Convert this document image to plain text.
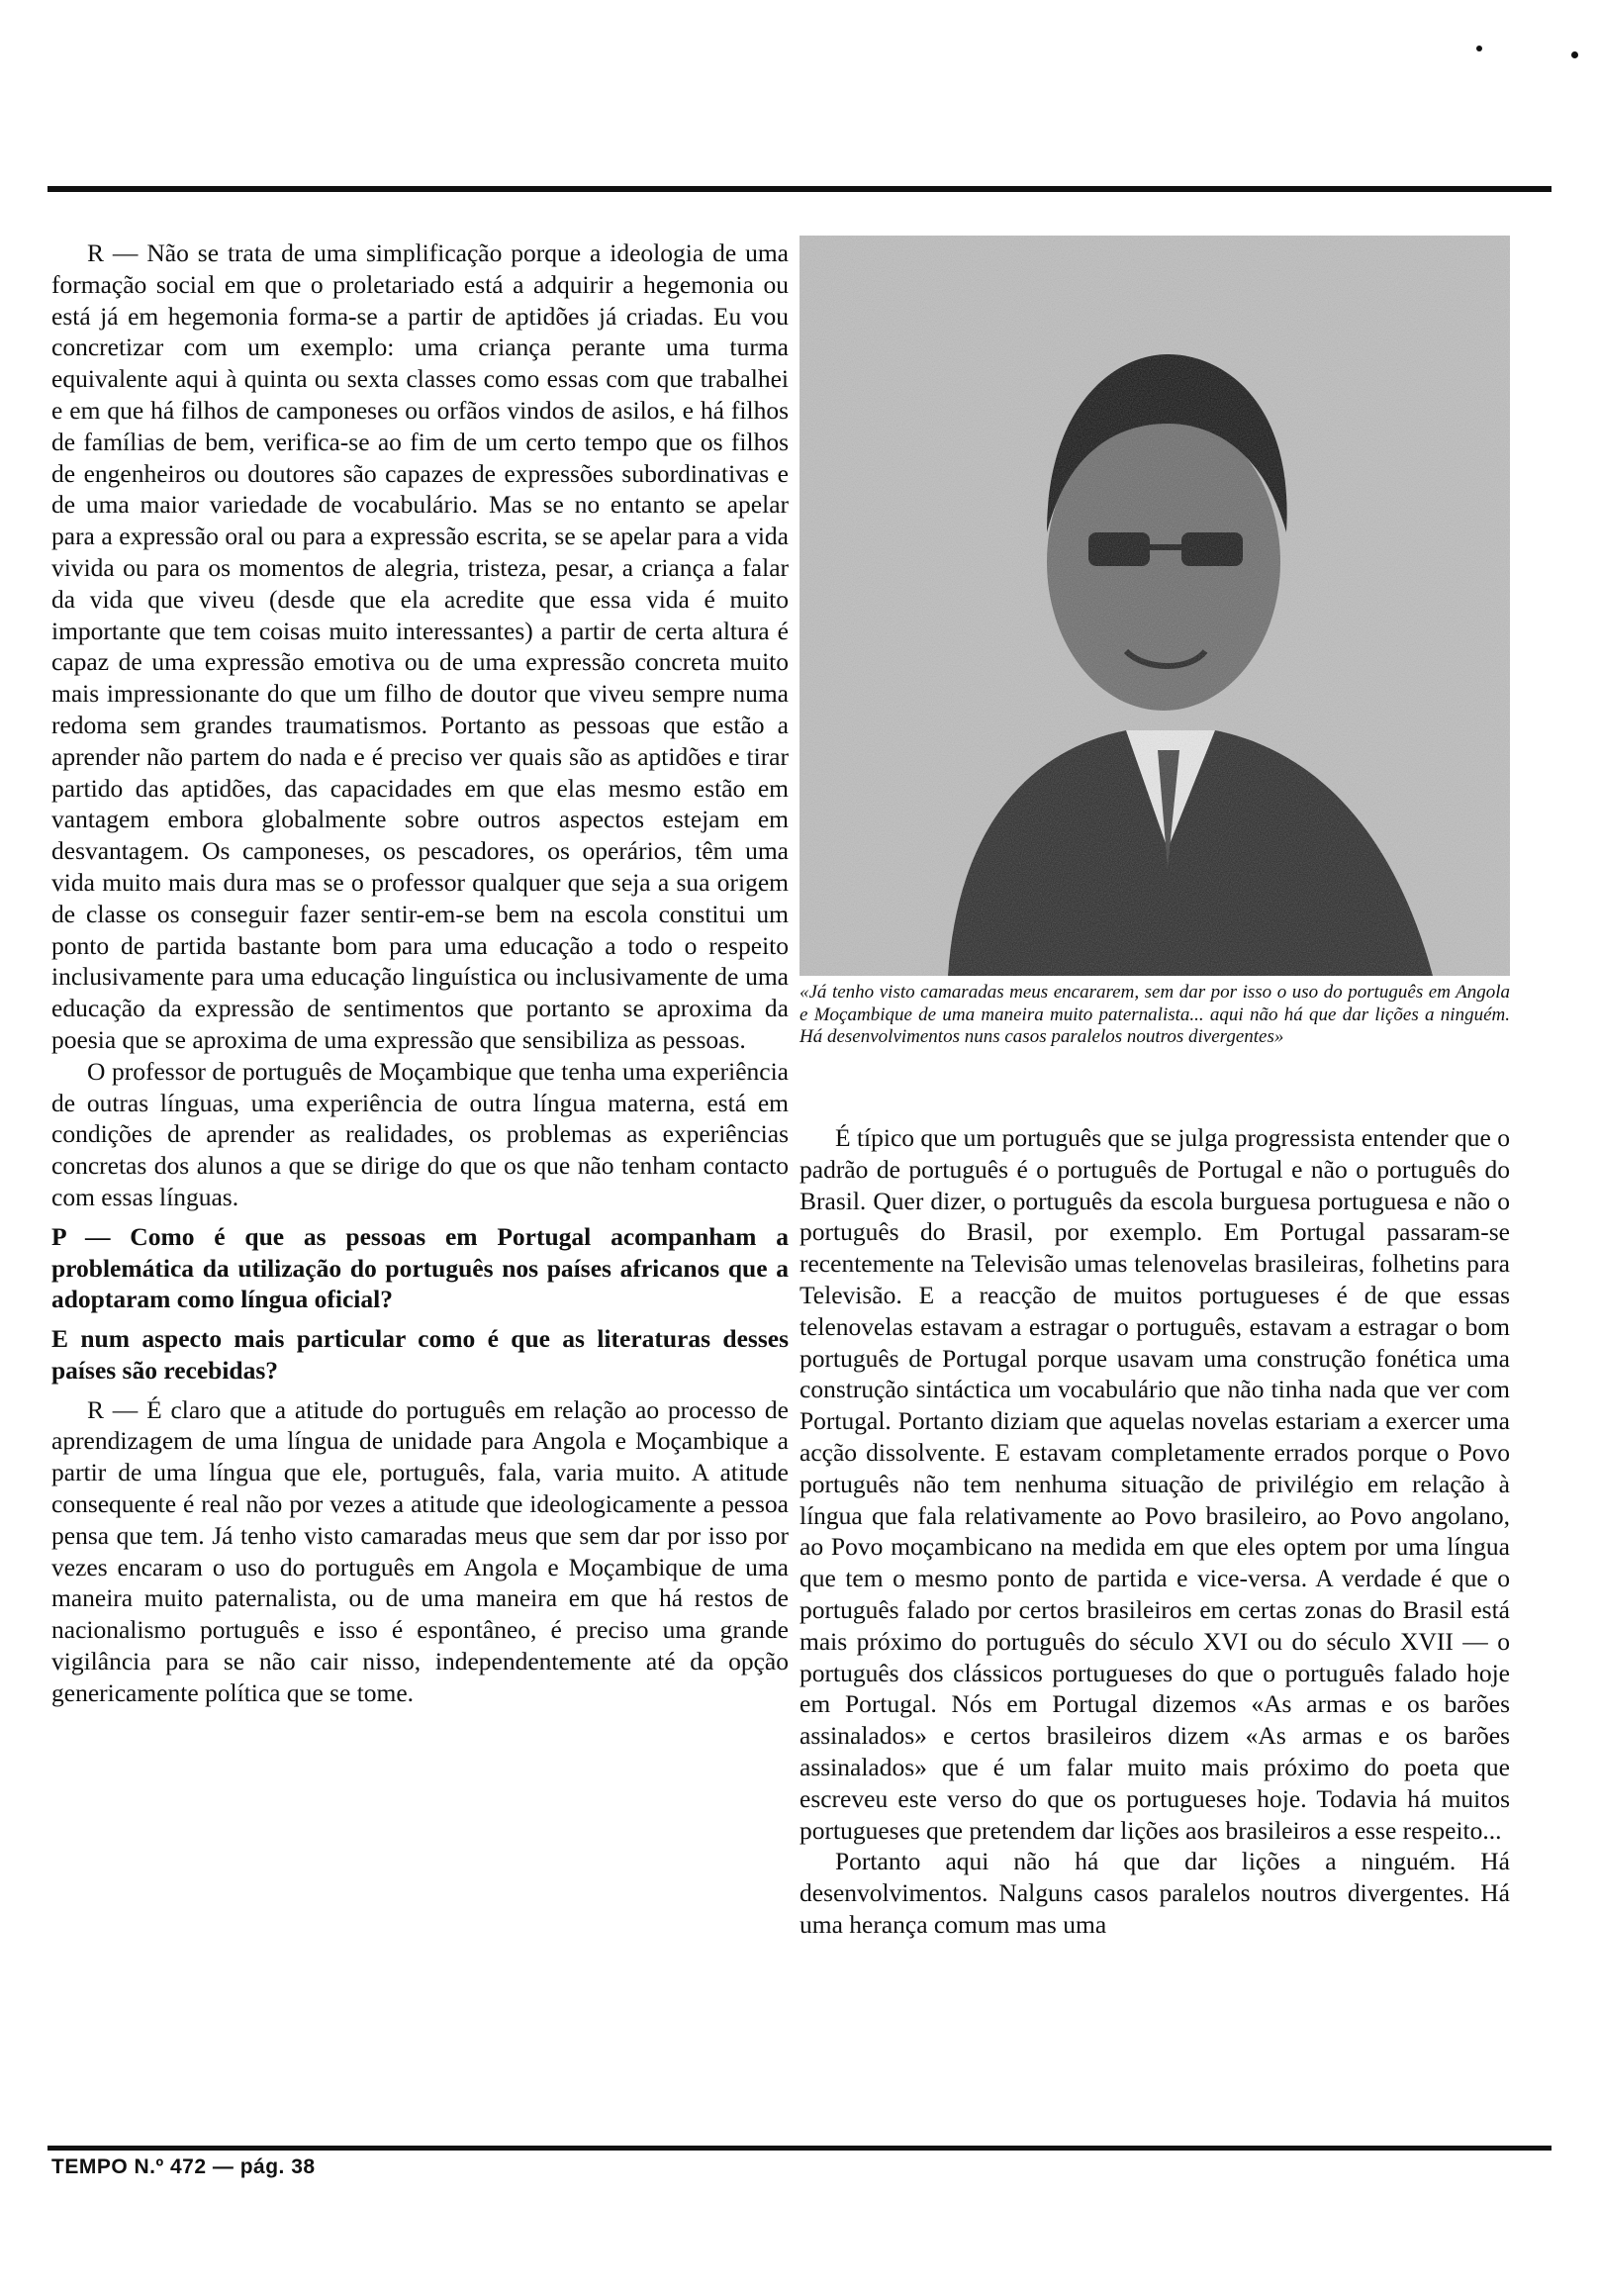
R — Não se trata de uma simplificação porque a ideologia de uma formação social em que o proletariado está a adquirir a hegemonia ou está já em hegemonia forma-se a partir de aptidões já criadas. Eu vou concretizar com um exemplo: uma criança perante uma turma equivalente aqui à quinta ou sexta classes como essas com que trabalhei e em que há filhos de camponeses ou orfãos vindos de asilos, e há filhos de famílias de bem, verifica-se ao fim de um certo tempo que os filhos de engenheiros ou doutores são capazes de expressões subordinativas e de uma maior variedade de vocabulário. Mas se no entanto se apelar para a expressão oral ou para a expressão escrita, se se apelar para a vida vivida ou para os momentos de alegria, tristeza, pesar, a criança a falar da vida que viveu (desde que ela acredite que essa vida é muito importante que tem coisas muito interessantes) a partir de certa altura é capaz de uma expressão emotiva ou de uma expressão concreta muito mais impressionante do que um filho de doutor que viveu sempre numa redoma sem grandes traumatismos. Portanto as pessoas que estão a aprender não partem do nada e é preciso ver quais são as aptidões e tirar partido das aptidões, das capacidades em que elas mesmo estão em vantagem embora globalmente sobre outros aspectos estejam em desvantagem. Os camponeses, os pescadores, os operários, têm uma vida muito mais dura mas se o professor qualquer que seja a sua origem de classe os conseguir fazer sentir-em-se bem na escola constitui um ponto de partida bastante bom para uma educação a todo o respeito inclusivamente para uma educação linguística ou inclusivamente de uma educação da expressão de sentimentos que portanto se aproxima da poesia que se aproxima de uma expressão que sensibiliza as pessoas.

O professor de português de Moçambique que tenha uma experiência de outras línguas, uma experiência de outra língua materna, está em condições de aprender as realidades, os problemas as experiências concretas dos alunos a que se dirige do que os que não tenham contacto com essas línguas.

P — Como é que as pessoas em Portugal acompanham a problemática da utilização do português nos países africanos que a adoptaram como língua oficial?

E num aspecto mais particular como é que as literaturas desses países são recebidas?

R — É claro que a atitude do português em relação ao processo de aprendizagem de uma língua de unidade para Angola e Moçambique a partir de uma língua que ele, português, fala, varia muito. A atitude consequente é real não por vezes a atitude que ideologicamente a pessoa pensa que tem. Já tenho visto camaradas meus que sem dar por isso por vezes encaram o uso do português em Angola e Moçambique de uma maneira muito paternalista, ou de uma maneira em que há restos de nacionalismo português e isso é espontâneo, é preciso uma grande vigilância para se não cair nisso, independentemente até da opção genericamente política que se tome.

«Já tenho visto camaradas meus encararem, sem dar por isso o uso do português em Angola e Moçambique de uma maneira muito paternalista... aqui não há que dar lições a ninguém. Há desenvolvimentos nuns casos paralelos noutros divergentes»

É típico que um português que se julga progressista entender que o padrão de português é o português de Portugal e não o português do Brasil. Quer dizer, o português da escola burguesa portuguesa e não o português do Brasil, por exemplo. Em Portugal passaram-se recentemente na Televisão umas telenovelas brasileiras, folhetins para Televisão. E a reacção de muitos portugueses é de que essas telenovelas estavam a estragar o português, estavam a estragar o bom português de Portugal porque usavam uma construção fonética uma construção sintáctica um vocabulário que não tinha nada que ver com Portugal. Portanto diziam que aquelas novelas estariam a exercer uma acção dissolvente. E estavam completamente errados porque o Povo português não tem nenhuma situação de privilégio em relação à língua que fala relativamente ao Povo brasileiro, ao Povo angolano, ao Povo moçambicano na medida em que eles optem por uma língua que tem o mesmo ponto de partida e vice-versa. A verdade é que o português falado por certos brasileiros em certas zonas do Brasil está mais próximo do português do século XVI ou do século XVII — o português dos clássicos portugueses do que o português falado hoje em Portugal. Nós em Portugal dizemos «As armas e os barões assinalados» e certos brasileiros dizem «As armas e os barões assinalados» que é um falar muito mais próximo do poeta que escreveu este verso do que os portugueses hoje. Todavia há muitos portugueses que pretendem dar lições aos brasileiros a esse respeito...

Portanto aqui não há que dar lições a ninguém. Há desenvolvimentos. Nalguns casos paralelos noutros divergentes. Há uma herança comum mas uma

TEMPO N.º 472 — pág. 38
